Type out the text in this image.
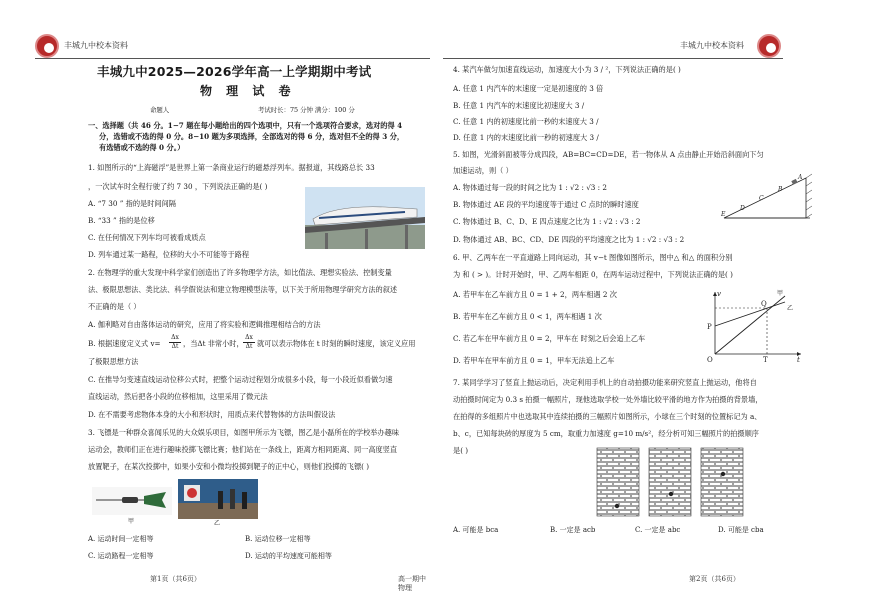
丰城九中校本资料
丰城九中2025—2026学年高一上学期期中考试
物 理 试 卷
命题人	考试时长：75 分钟 满分：100 分
一、选择题（共 46 分。1−7 题在每小题给出的四个选项中，只有一个选项符合要求，选对的得 4
分，选错或不选的得 0 分。8−10 题为多项选择，全部选对的得 6 分，选对但不全的得 3 分，
有选错或不选的得 0 分。）
1. 如图所示的“上海磁浮”是世界上第一条商业运行的磁悬浮列车。据报道，其线路总长 33
，一次试车时全程行驶了约 7 30 ，下列说法正确的是( )
A. “7 30 ” 指的是时间间隔
B. “33 ” 指的是位移
C. 在任何情况下列车均可被看成质点
D. 列车通过某一路程，位移的大小不可能等于路程
2. 在物理学的重大发现中科学家们创造出了许多物理学方法，如比值法、理想实验法、控制变量
法、极限思想法、类比法、科学假说法和建立物理模型法等，以下关于所用物理学研究方法的叙述
不正确的是（ ）
A. 伽利略对自由落体运动的研究，应用了将实验和逻辑推理相结合的方法
B. 根据速度定义式 $v= \frac{\Delta x}{\Delta t}$ ，当Δt 非常小时， $\frac{\Delta x}{\Delta t}$ 就可以表示物体在 t 时刻的瞬时速度，该定义应用
了极限思想方法
C. 在推导匀变速直线运动位移公式时，把整个运动过程划分成很多小段，每一小段近似看做匀速
直线运动，然后把各小段的位移相加，这里采用了微元法
D. 在不需要考虑物体本身的大小和形状时，用质点来代替物体的方法叫假设法
3. 飞镖是一种群众喜闻乐见的大众娱乐项目，如图甲所示为飞镖，图乙是小磊所在的学校举办趣味
运动会，教师们正在进行趣味投掷飞镖比赛；他们站在一条线上，距离方相同距离、同一高度竖直
放置靶子，在某次投掷中，如果小安和小微均投掷到靶子的正中心，则他们投掷的飞镖( )
甲	乙
A. 运动时间一定相等	B. 运动位移一定相等
C. 运动路程一定相等	D. 运动的平均速度可能相等
第1页（共6页）	高一期中 物理
丰城九中校本资料
4. 某汽车做匀加速直线运动，加速度大小为 3 / ²，下列说法正确的是( )
A. 任意 1 内汽车的末速度一定是初速度的 3 倍
B. 任意 1 内汽车的末速度比初速度大 3 /
C. 任意 1 内的初速度比前一秒的末速度大 3 /
D. 任意 1 内的末速度比前一秒的初速度大 3 /
5. 如图，光滑斜面被等分成四段，AB=BC=CD=DE，若一物体从 A 点由静止开始沿斜面向下匀
加速运动，则（ ）
A. 物体通过每一段的时间之比为 1 : √2 : √3 : 2
B. 物体通过 AE 段的平均速度等于通过 C 点时的瞬时速度
C. 物体通过 B、C、D、E 四点速度之比为 1 : √2 : √3 : 2
D. 物体通过 AB、BC、CD、DE 四段的平均速度之比为 1 : √2 : √3 : 2
A
B
C
D
E
6. 甲、乙两车在一平直道路上同向运动，其 v−t 图像如图所示，图中△ 和△ 的面积分别
为 和 ( > )。计时开始时，甲、乙两车相距 0，在两车运动过程中，下列说法正确的是( )
A. 若甲车在乙车前方且 0 = 1 + 2，两车相遇 2 次
B. 若甲车在乙车前方且 0 < 1，两车相遇 1 次
C. 若乙车在甲车前方且 0 = 2，甲车在 时刻之后会追上乙车
D. 若甲车在甲车前方且 0 = 1，甲车无法追上乙车
v
t
O
P
Q
T
甲
乙
7. 某同学学习了竖直上抛运动后，决定利用手机上的自动拍摄功能来研究竖直上抛运动，他将自
动拍摄时间定为 0.3 s 拍摄一幅照片，现他选取学校一处外墙比较平滑的地方作为拍摄的背景墙，
在拍得的多组照片中也选取其中连续拍摄的三幅照片如图所示，小球在三个时刻的位置标记为 a、
b、c，已知每块砖的厚度为 5 cm，取重力加速度 g=10 m/s²，经分析可知三幅照片的拍摄顺序
是( )
A. 可能是 bca	B. 一定是 acb	C. 一定是 abc	D. 可能是 cba
第2页（共6页）
